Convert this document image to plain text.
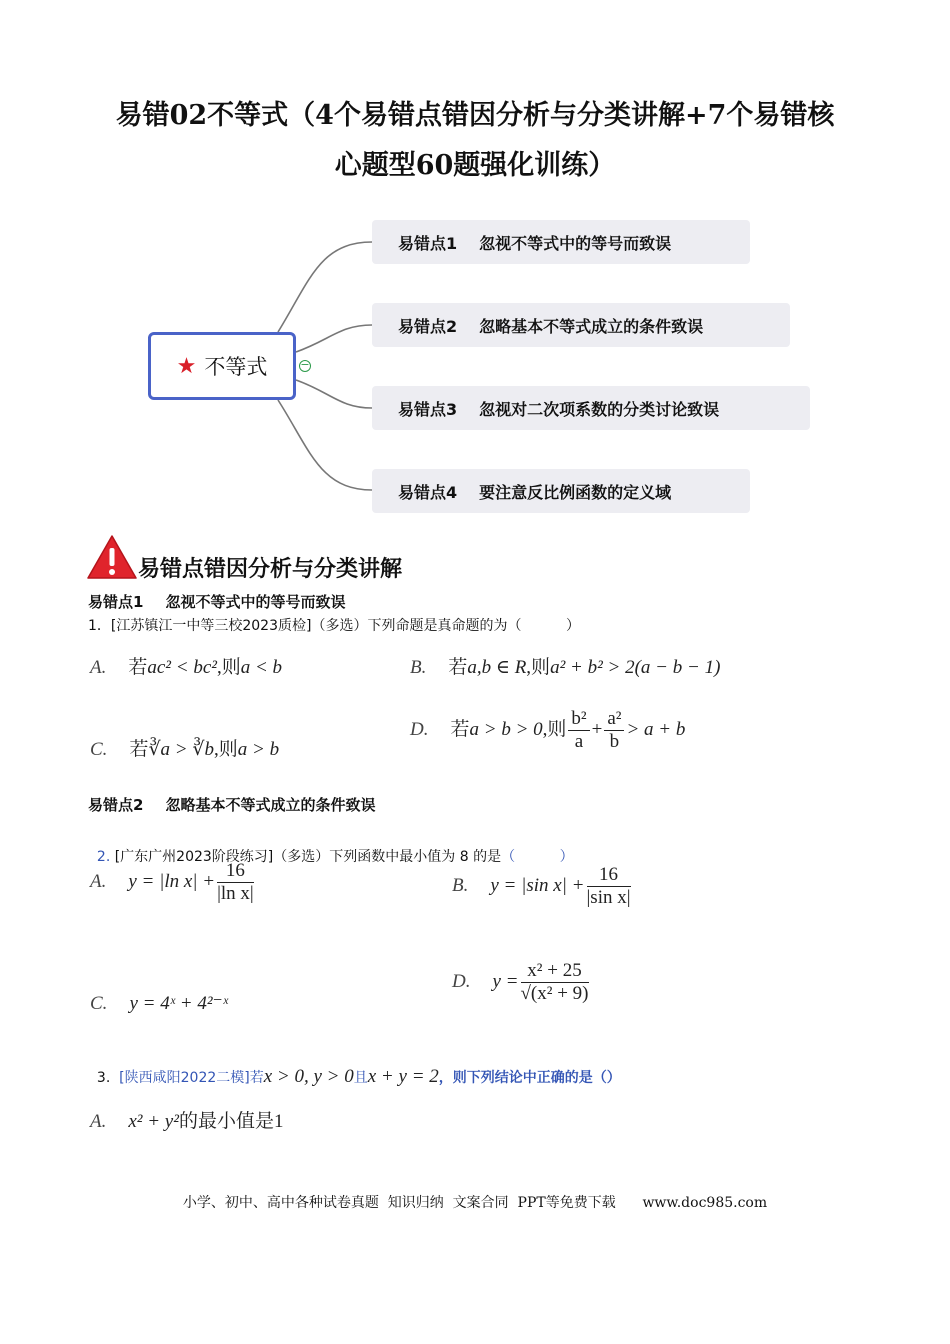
易错02不等式（4个易错点错因分析与分类讲解+7个易错核
心题型60题强化训练）
★ 不等式	−
易错点1 忽视不等式中的等号而致误
易错点2 忽略基本不等式成立的条件致误
易错点3 忽视对二次项系数的分类讨论致误
易错点4 要注意反比例函数的定义域
易错点错因分析与分类讲解
易错点1 忽视不等式中的等号而致误
1．[江苏镇江一中等三校2023质检]（多选）下列命题是真命题的为（          ）
A. 若ac² < bc²,则a < b	B. 若a,b ∈ R,则a² + b² > 2(a − b − 1)
C. 若∛a > ∛b,则a > b
D. 若a > b > 0,则 $\frac{\text{b²}}{a} + \frac{\text{a²}}{b} > a + b$
易错点2 忽略基本不等式成立的条件致误

2. [广东广州2023阶段练习]（多选）下列函数中最小值为 8 的是（          ）

A. y = |ln $x| + \frac{16}{\text{|ln x|}}$	B. y = |sin $x| + \frac{16}{\text{|sin x|}}$
C. y = 4ˣ + 4²⁻ˣ
D. $y = \frac{\text{x² + 25}}{\text{√(x² + 9)}}$

3. [陕西咸阳2022二模]若x > 0, y > 0且x + y = 2，则下列结论中正确的是（）

A. x² + y²的最小值是1
小学、初中、高中各种试卷真题  知识归纳  文案合同  PPT等免费下载      www.doc985.com
